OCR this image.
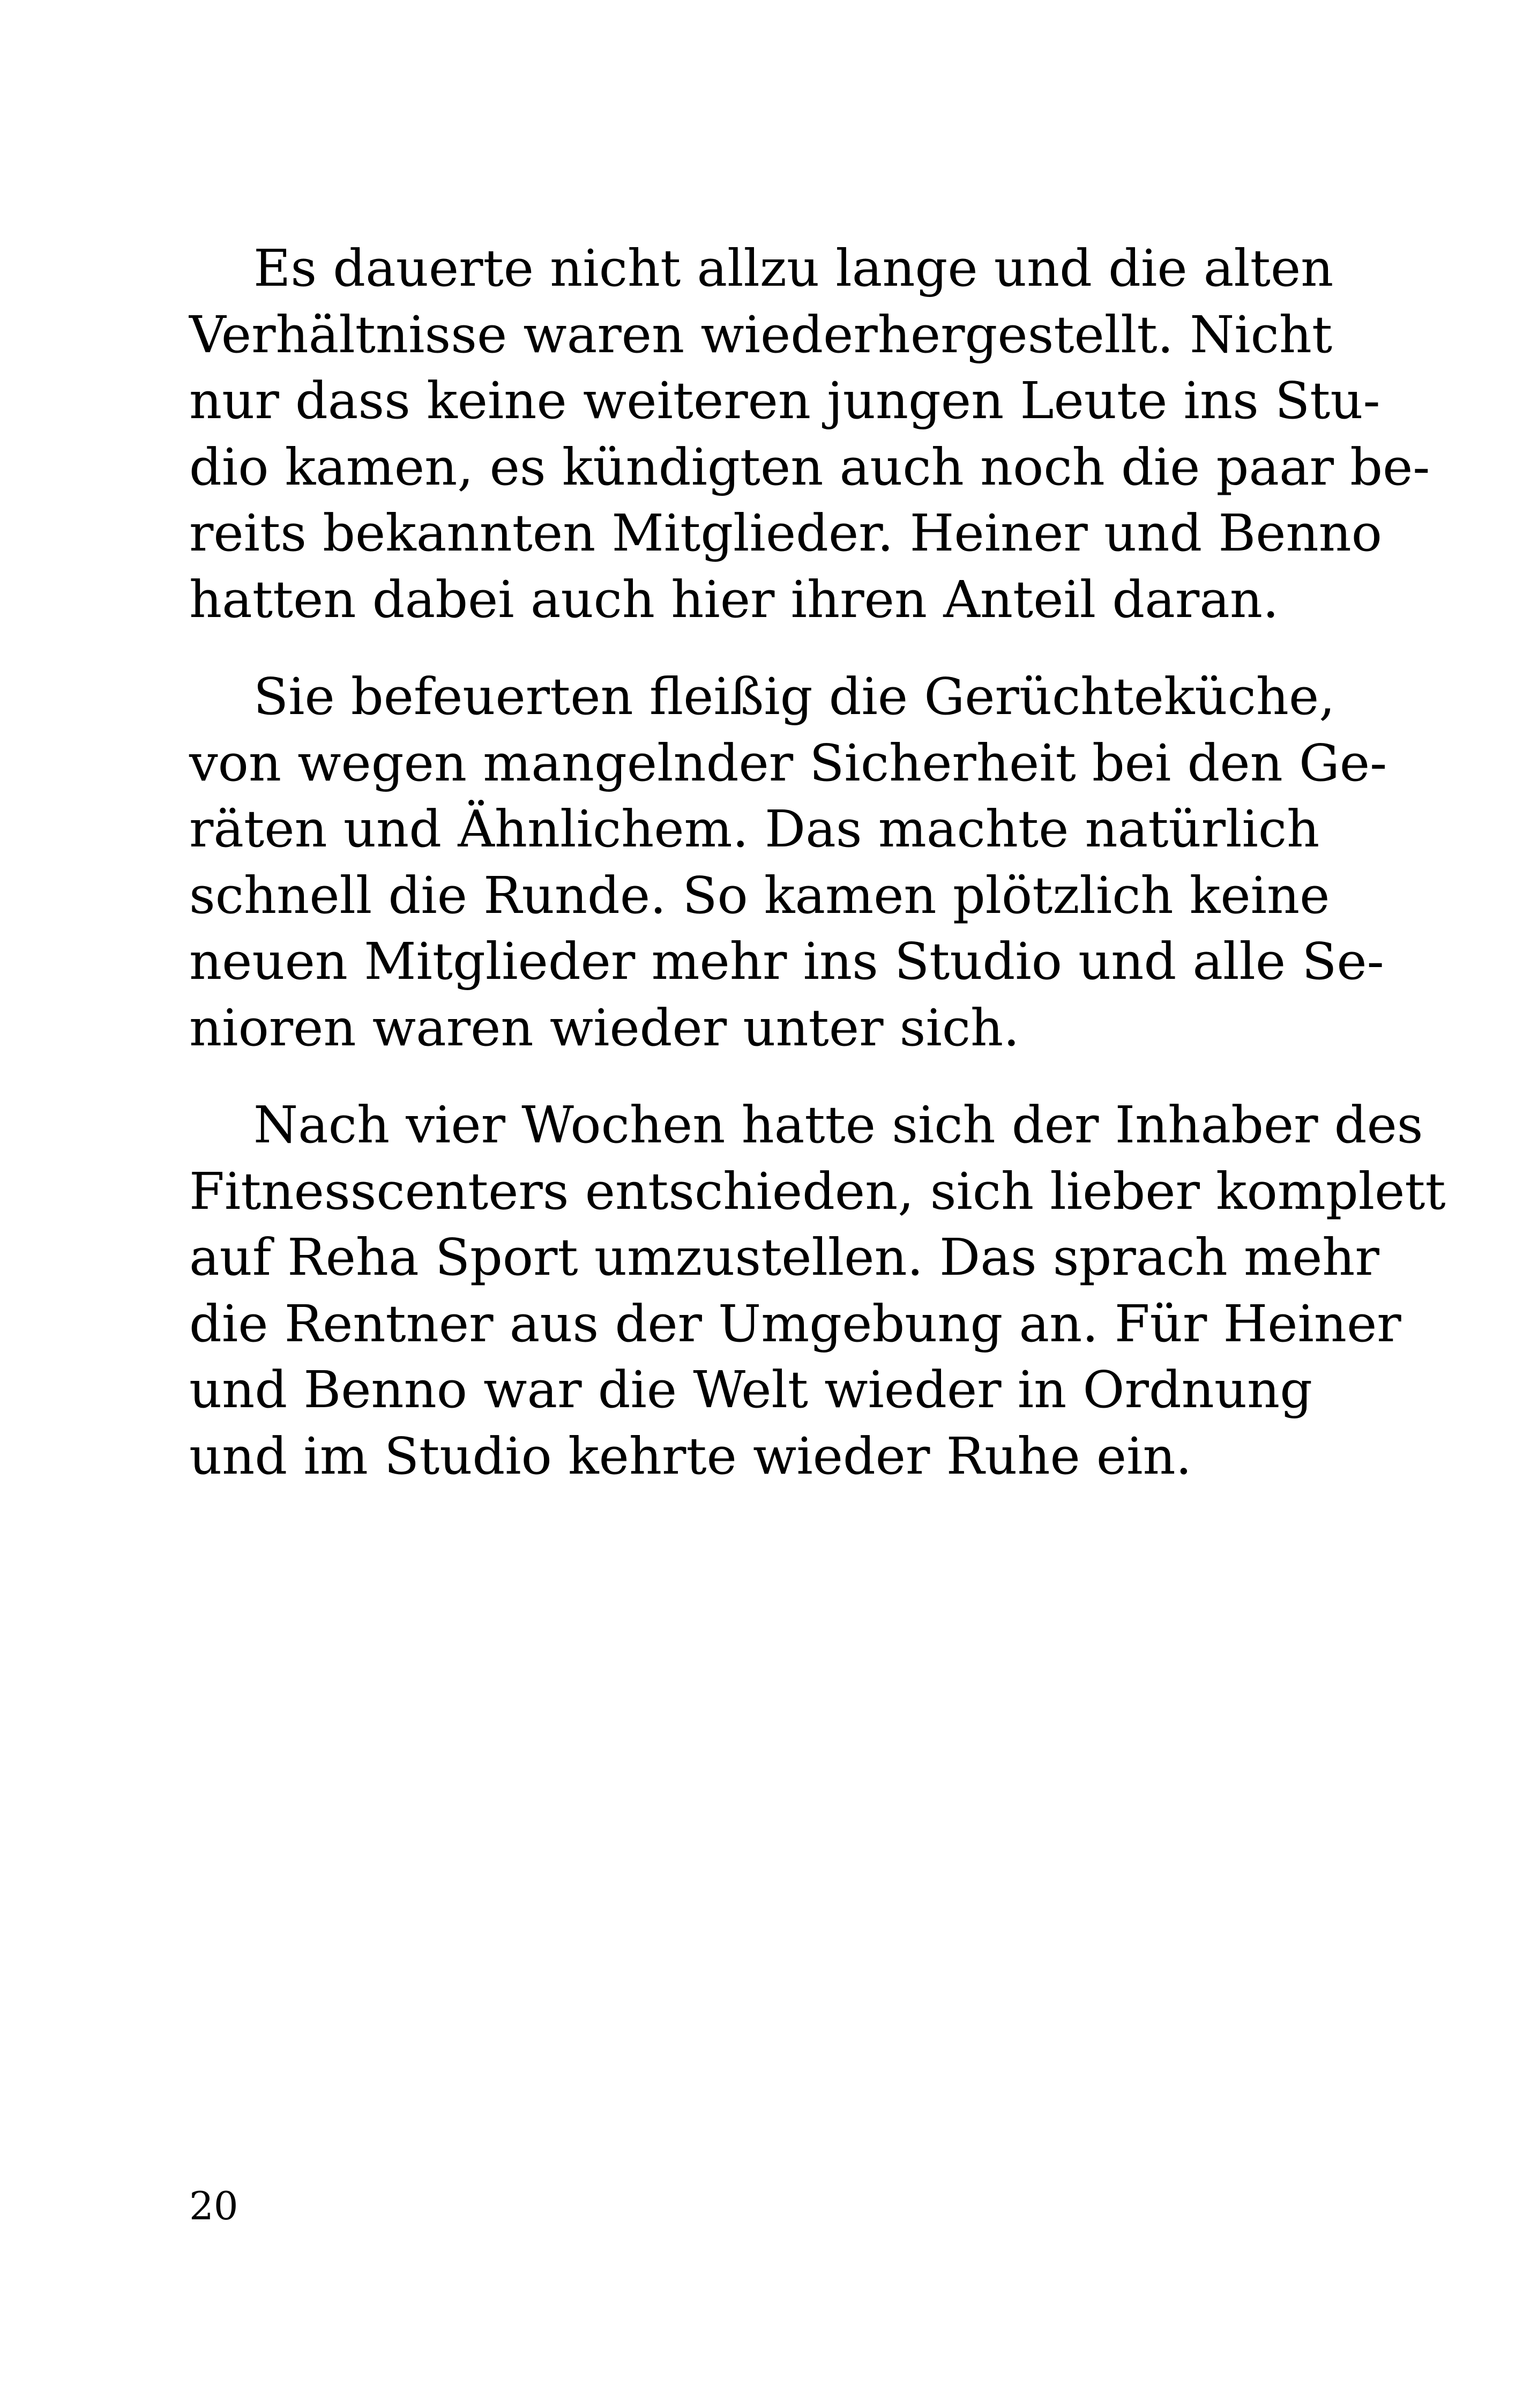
Es dauerte nicht allzu lange und die alten
Verhältnisse waren wiederhergestellt. Nicht
nur dass keine weiteren jungen Leute ins Stu-
dio kamen, es kündigten auch noch die paar be-
reits bekannten Mitglieder. Heiner und Benno
hatten dabei auch hier ihren Anteil daran.

Sie befeuerten fleißig die Gerüchteküche,
von wegen mangelnder Sicherheit bei den Ge-
räten und Ähnlichem. Das machte natürlich
schnell die Runde. So kamen plötzlich keine
neuen Mitglieder mehr ins Studio und alle Se-
nioren waren wieder unter sich.

Nach vier Wochen hatte sich der Inhaber des
Fitnesscenters entschieden, sich lieber komplett
auf Reha Sport umzustellen. Das sprach mehr
die Rentner aus der Umgebung an. Für Heiner
und Benno war die Welt wieder in Ordnung
und im Studio kehrte wieder Ruhe ein.

20
